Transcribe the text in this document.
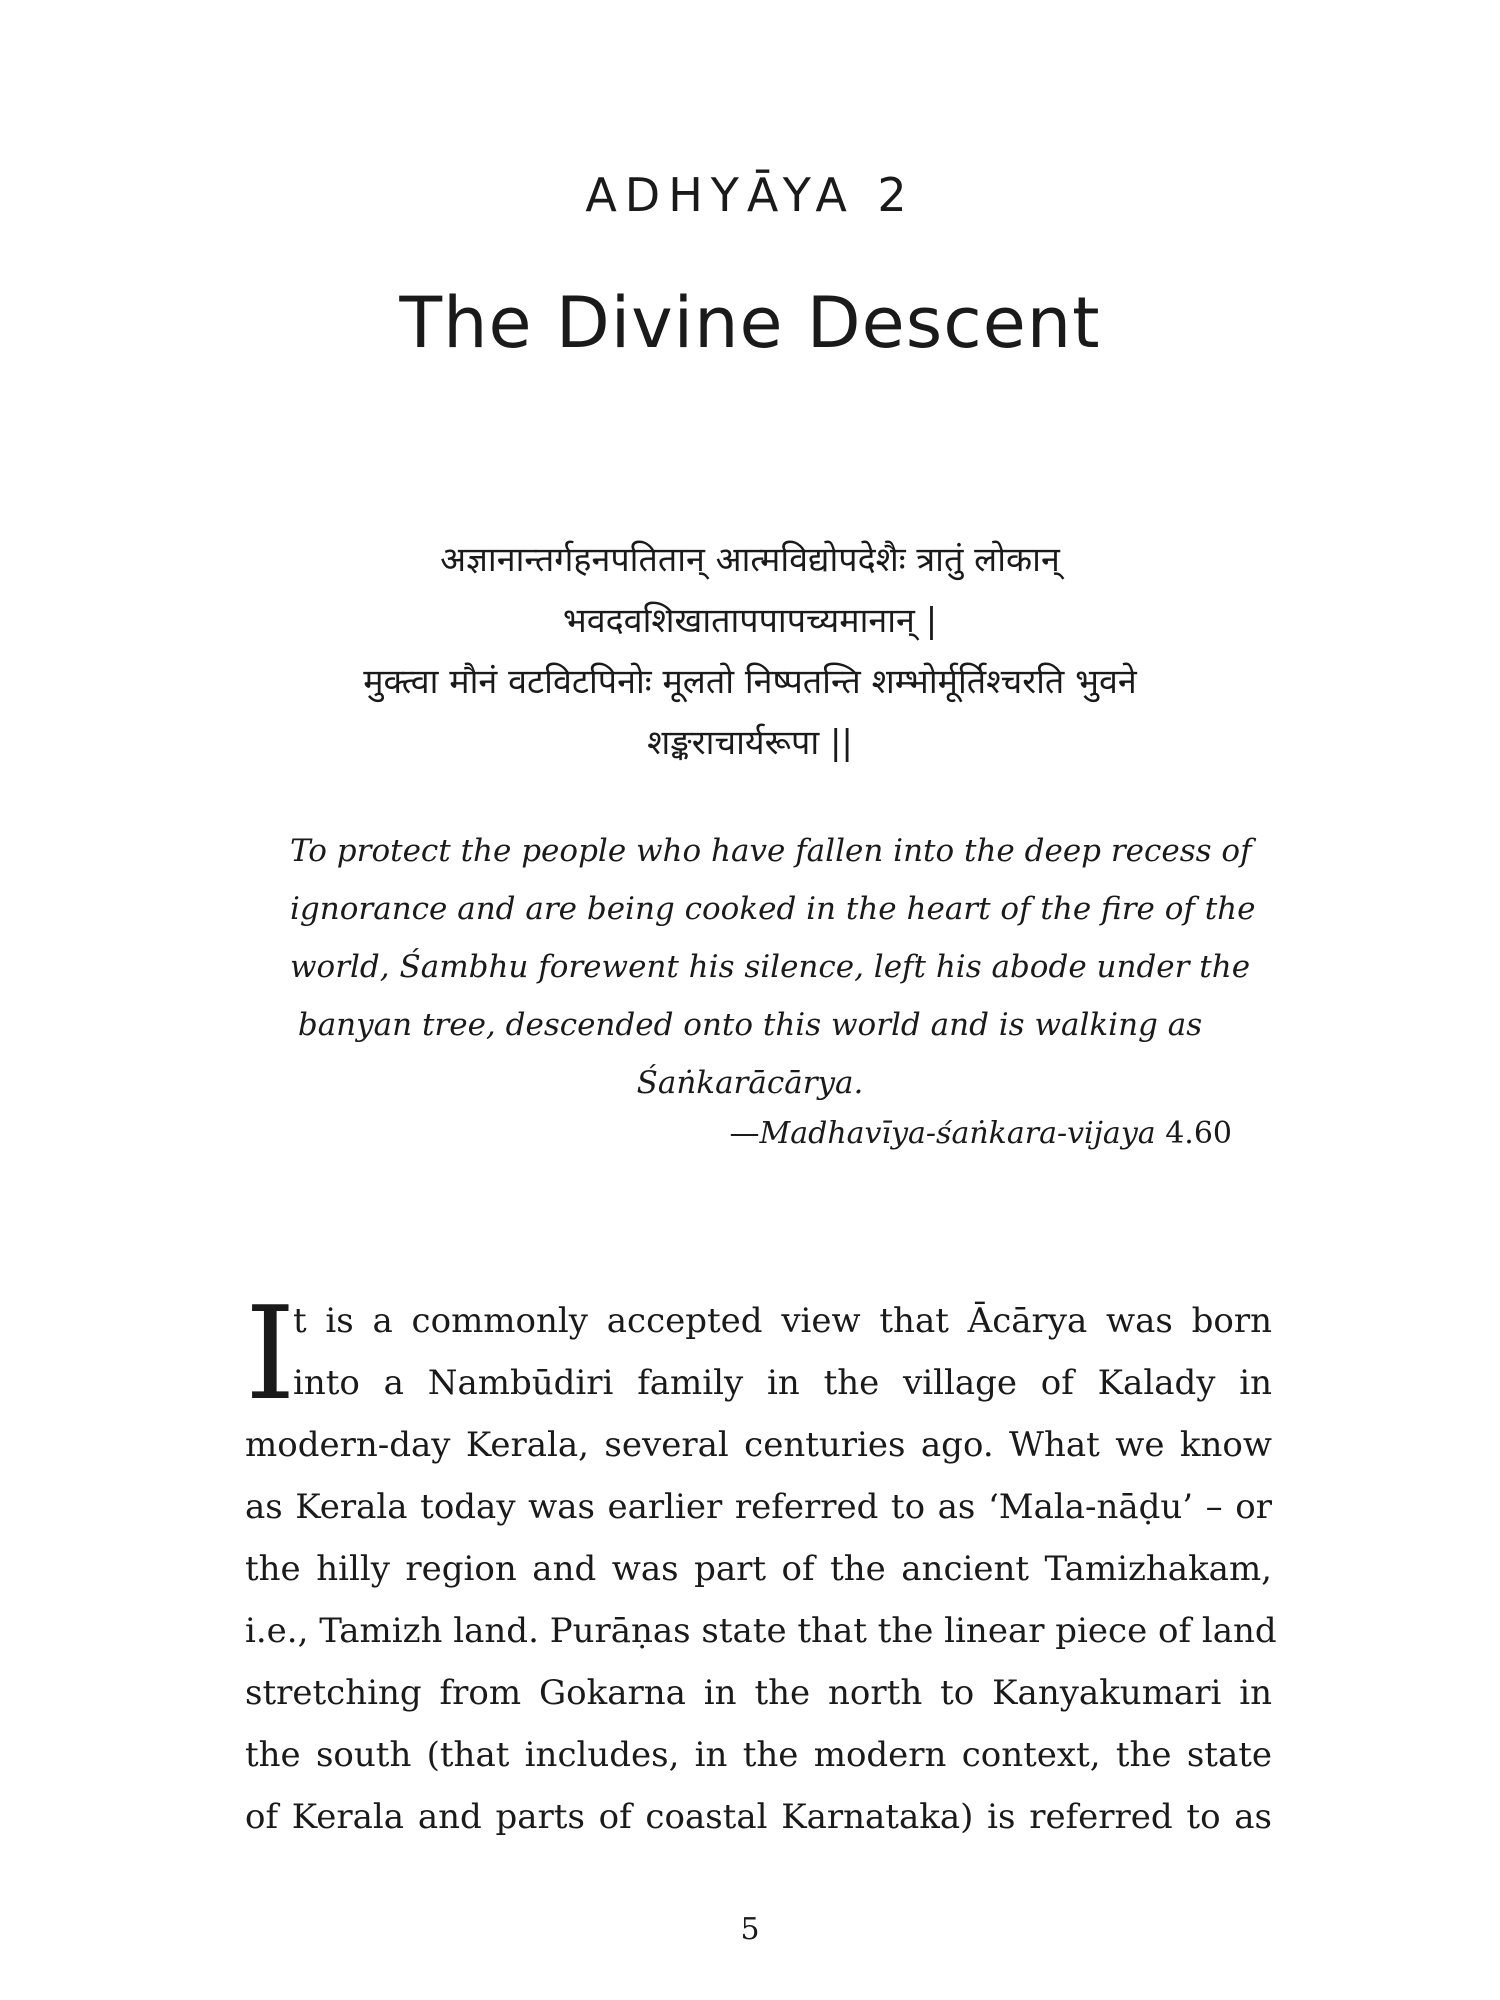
ADHYĀYA 2
The Divine Descent
अज्ञानान्तर्गहनपतितान् आत्मविद्योपदेशैः त्रातुं लोकान्
भवदवशिखातापपापच्यमानान् |
मुक्त्वा मौनं वटविटपिनोः मूलतो निष्पतन्ति शम्भोर्मूर्तिश्चरति भुवने
शङ्कराचार्यरूपा ||
To protect the people who have fallen into the deep recess of
ignorance and are being cooked in the heart of the fire of the
world, Śambhu forewent his silence, left his abode under the
banyan tree, descended onto this world and is walking as
Śaṅkarācārya.
—Madhavīya-śaṅkara-vijaya 4.60
I
t is a commonly accepted view that Ācārya was born
into a Nambūdiri family in the village of Kalady in
modern-day Kerala, several centuries ago. What we know
as Kerala today was earlier referred to as ‘Mala-nāḍu’ – or
the hilly region and was part of the ancient Tamizhakam,
i.e., Tamizh land. Purāṇas state that the linear piece of land
stretching from Gokarna in the north to Kanyakumari in
the south (that includes, in the modern context, the state
of Kerala and parts of coastal Karnataka) is referred to as
5
